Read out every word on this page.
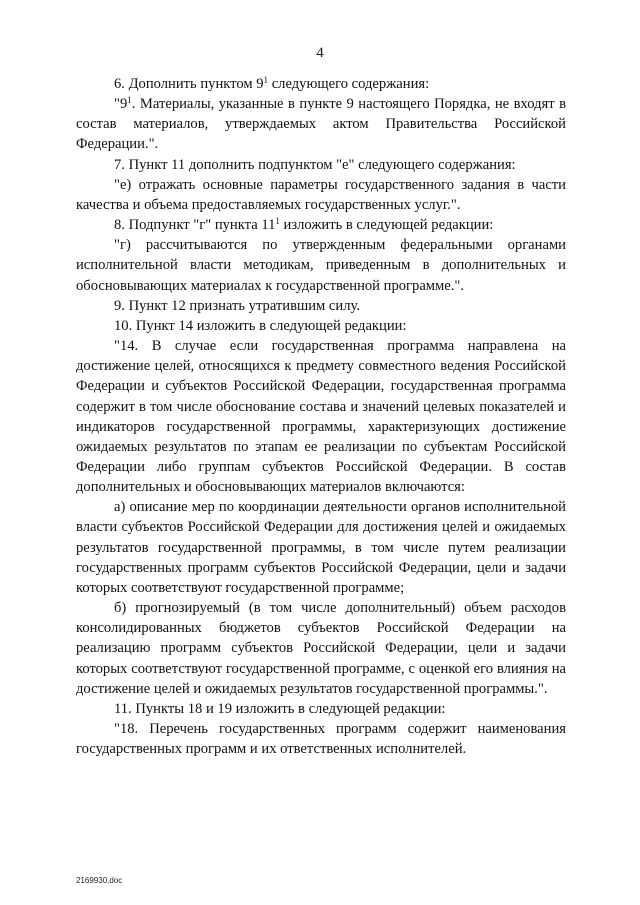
4

6. Дополнить пунктом $9^1$ следующего содержания:

"$9^1$. Материалы, указанные в пункте 9 настоящего Порядка, не входят в состав материалов, утверждаемых актом Правительства Российской Федерации.".

7. Пункт 11 дополнить подпунктом "е" следующего содержания:

"е) отражать основные параметры государственного задания в части качества и объема предоставляемых государственных услуг.".

8. Подпункт "г" пункта $11^1$ изложить в следующей редакции:

"г) рассчитываются по утвержденным федеральными органами исполнительной власти методикам, приведенным в дополнительных и обосновывающих материалах к государственной программе.".

9. Пункт 12 признать утратившим силу.

10. Пункт 14 изложить в следующей редакции:

"14. В случае если государственная программа направлена на достижение целей, относящихся к предмету совместного ведения Российской Федерации и субъектов Российской Федерации, государственная программа содержит в том числе обоснование состава и значений целевых показателей и индикаторов государственной программы, характеризующих достижение ожидаемых результатов по этапам ее реализации по субъектам Российской Федерации либо группам субъектов Российской Федерации. В состав дополнительных и обосновывающих материалов включаются:

а) описание мер по координации деятельности органов исполнительной власти субъектов Российской Федерации для достижения целей и ожидаемых результатов государственной программы, в том числе путем реализации государственных программ субъектов Российской Федерации, цели и задачи которых соответствуют государственной программе;

б) прогнозируемый (в том числе дополнительный) объем расходов консолидированных бюджетов субъектов Российской Федерации на реализацию программ субъектов Российской Федерации, цели и задачи которых соответствуют государственной программе, с оценкой его влияния на достижение целей и ожидаемых результатов государственной программы.".

11. Пункты 18 и 19 изложить в следующей редакции:

"18. Перечень государственных программ содержит наименования государственных программ и их ответственных исполнителей.

2169930.doc
